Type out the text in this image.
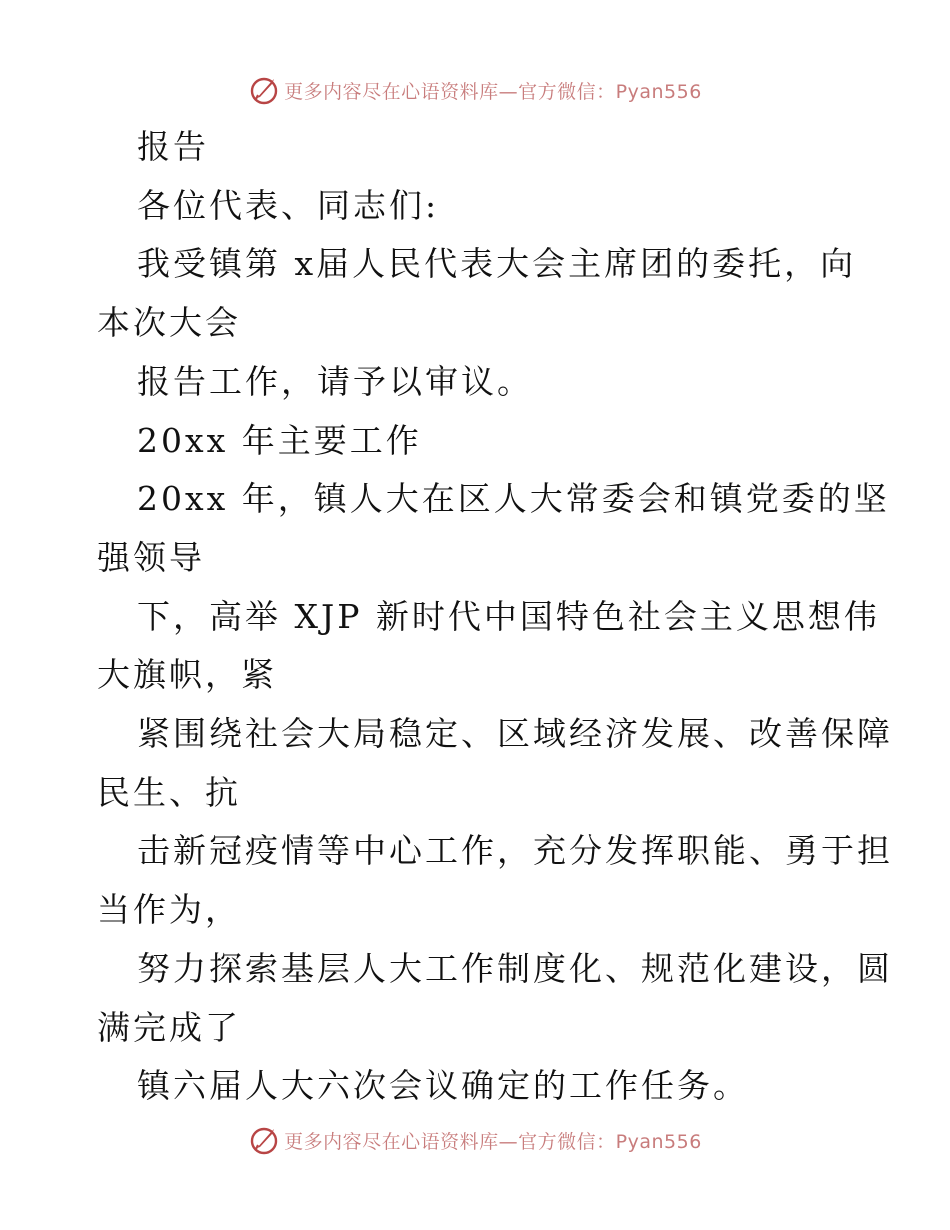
更多内容尽在心语资料库—官方微信：Pyan556
报告
各位代表、同志们:
我受镇第 x届人民代表大会主席团的委托，向
本次大会
报告工作，请予以审议。
20xx 年主要工作
20xx 年，镇人大在区人大常委会和镇党委的坚
强领导
下，高举 XJP 新时代中国特色社会主义思想伟
大旗帜，紧
紧围绕社会大局稳定、区域经济发展、改善保障
民生、抗
击新冠疫情等中心工作，充分发挥职能、勇于担
当作为，
努力探索基层人大工作制度化、规范化建设，圆
满完成了
镇六届人大六次会议确定的工作任务。
更多内容尽在心语资料库—官方微信：Pyan556
